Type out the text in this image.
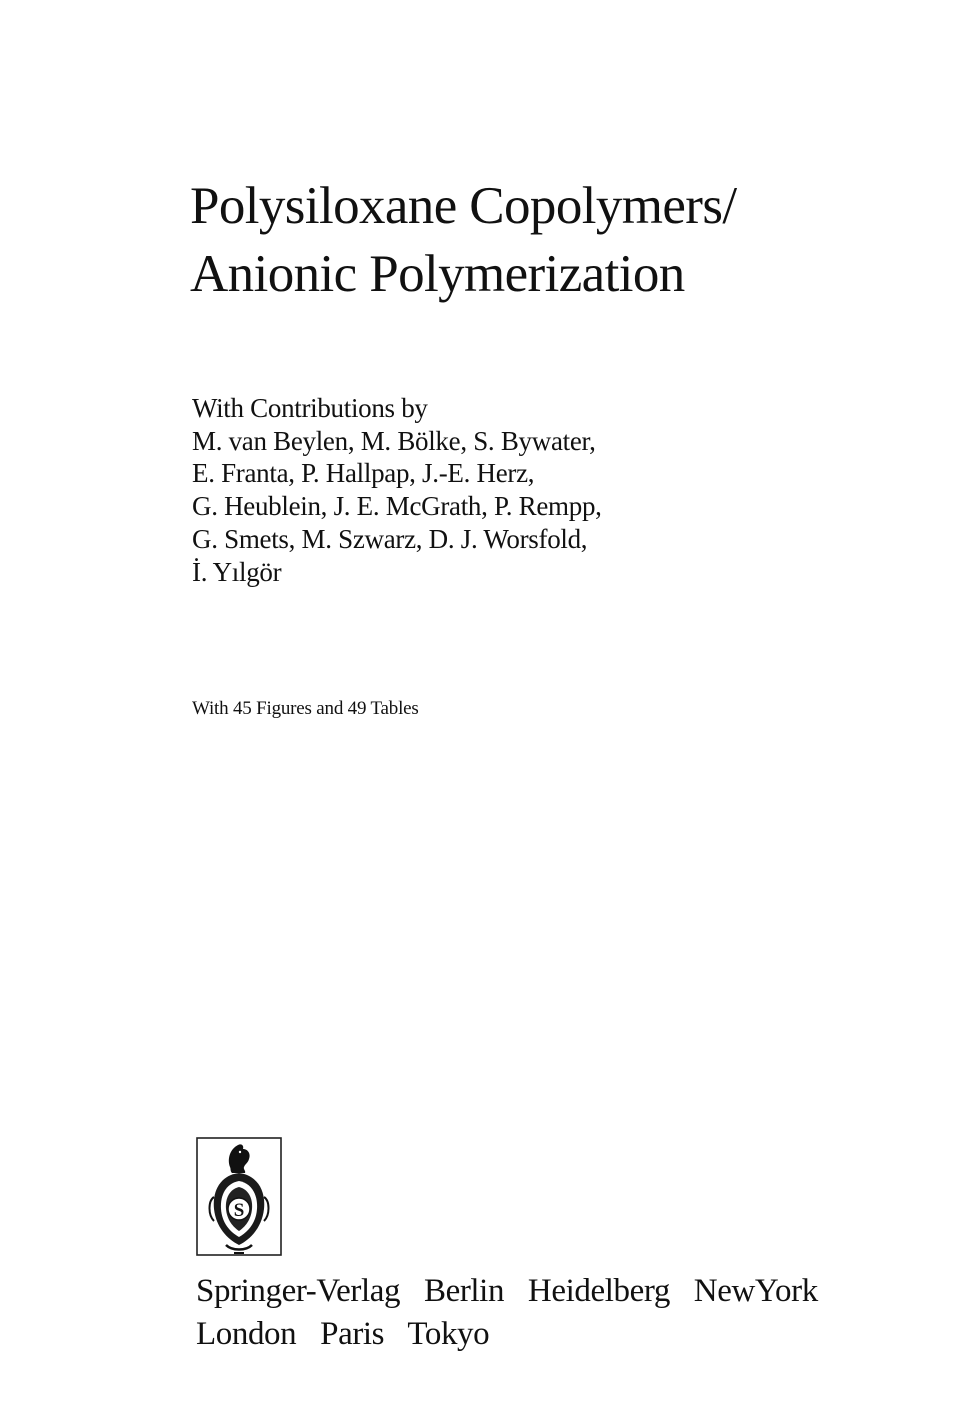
Polysiloxane Copolymers/
Anionic Polymerization
With Contributions by
M. van Beylen, M. Bölke, S. Bywater,
E. Franta, P. Hallpap, J.-E. Herz,
G. Heublein, J. E. McGrath, P. Rempp,
G. Smets, M. Szwarz, D. J. Worsfold,
İ. Yılgör
With 45 Figures and 49 Tables
S
Springer-Verlag Berlin Heidelberg NewYork
London Paris Tokyo
